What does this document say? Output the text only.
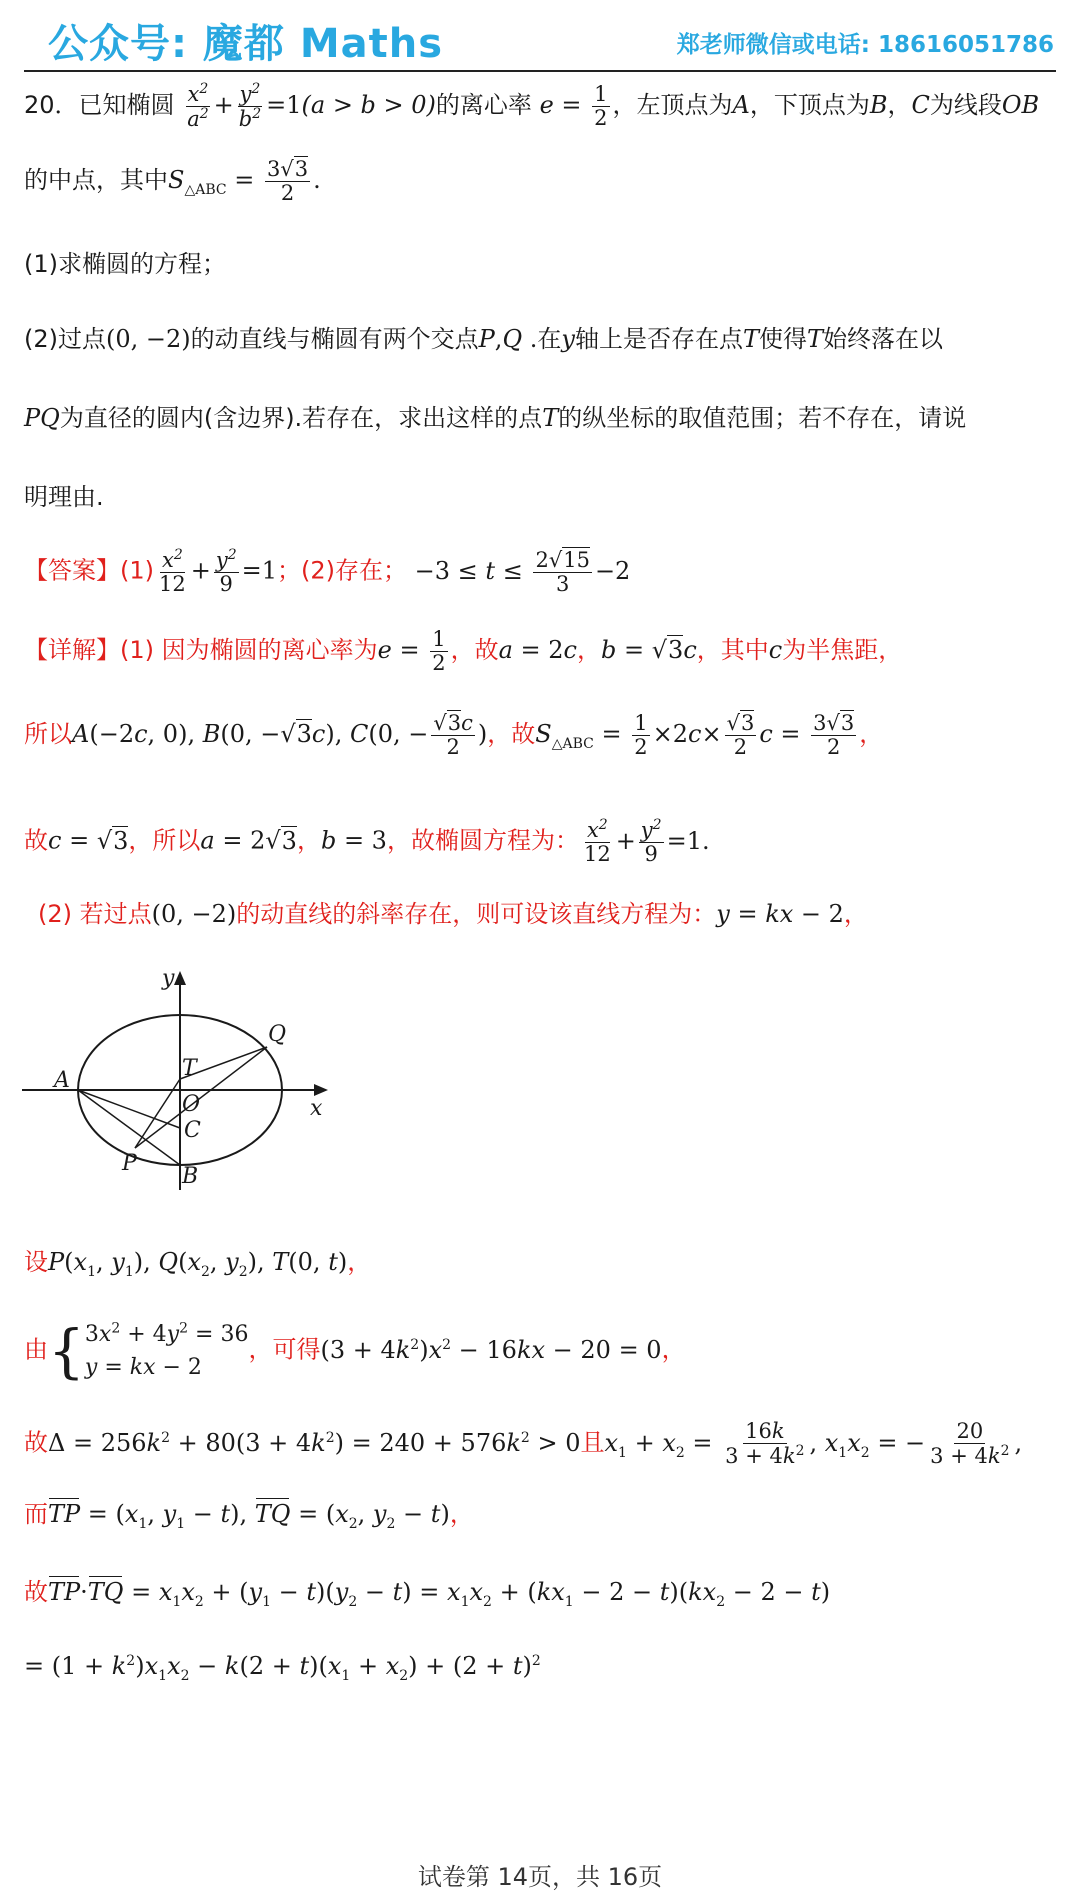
公众号: 魔都 Maths	郑老师微信或电话: 18616051786
20．已知椭圆 $\frac{x^2}{a^2} + \frac{y^2}{b^2} =1(a > b > 0)$的离心率 $e = \frac{1}{2}$ ，左顶点为A，下顶点为B，C为线段OB
的中点，其中$S_{\triangle ABC} = \frac{3√3}{2}$ .
(1)求椭圆的方程；
(2)过点(0, −2)的动直线与椭圆有两个交点P,Q .在y轴上是否存在点T使得T始终落在以
PQ为直径的圆内(含边界).若存在，求出这样的点T的纵坐标的取值范围；若不存在，请说
明理由.
【答案】$(1) \frac{x^2}{12} + \frac{y^2}{9} =1$；(2)存在； $-3 \le t \le \frac{2√15}{3} -2$
【详解】(1) 因为椭圆的离心率为$e = \frac{1}{2}$ ，故a = 2c，b = √3c，其中c为半焦距，
所以A(−2c, 0), B(0, −√3c), C(0, − $\frac{√3c}{2}$ )，故$S_{\triangle ABC} = \frac{1}{2} \times 2c\times \frac{√3}{2}$ $c = \frac{3√3}{2}$ ，
故c = √3，所以a = 2√3，b = 3，故椭圆方程为： $\frac{x^2}{12} + \frac{y^2}{9} =1$.
(2) 若过点(0, −2)的动直线的斜率存在，则可设该直线方程为：y = kx − 2，
y
x
A
O
T
Q
C
P
B
设$P(x_1$, $y_1$), $Q(x_2$, $y_2$), T(0, t)，
由{ $3x^2 + 4y^2 = 36$
y = kx − 2
，可得$(3 + 4k^2)x^2 - 16kx - 20 = 0$，
故$\Delta = 256k^2 + 80(3 + 4k^2) = 240 + 576k^2 > 0$且$x_1 + x_2 = \frac{16k}{3 + 4k^2}$ , $x_1x_2$ = − $\frac{20}{3 + 4k^2}$ ,
而TP = ($x_1$, $y_1 - t$), TQ = ($x_2$, $y_2 - t$)，
故$TP\cdot TQ = x_1x_2 + (y_1 - t)(y_2 - t) = x_1x_2 + (kx_1 - 2 - t)(kx_2 - 2 - t)$
= $(1 + k^2)x_1x_2 - k(2 + t)(x_1 + x_2) + (2 + t)^2$
试卷第 14页，共 16页
